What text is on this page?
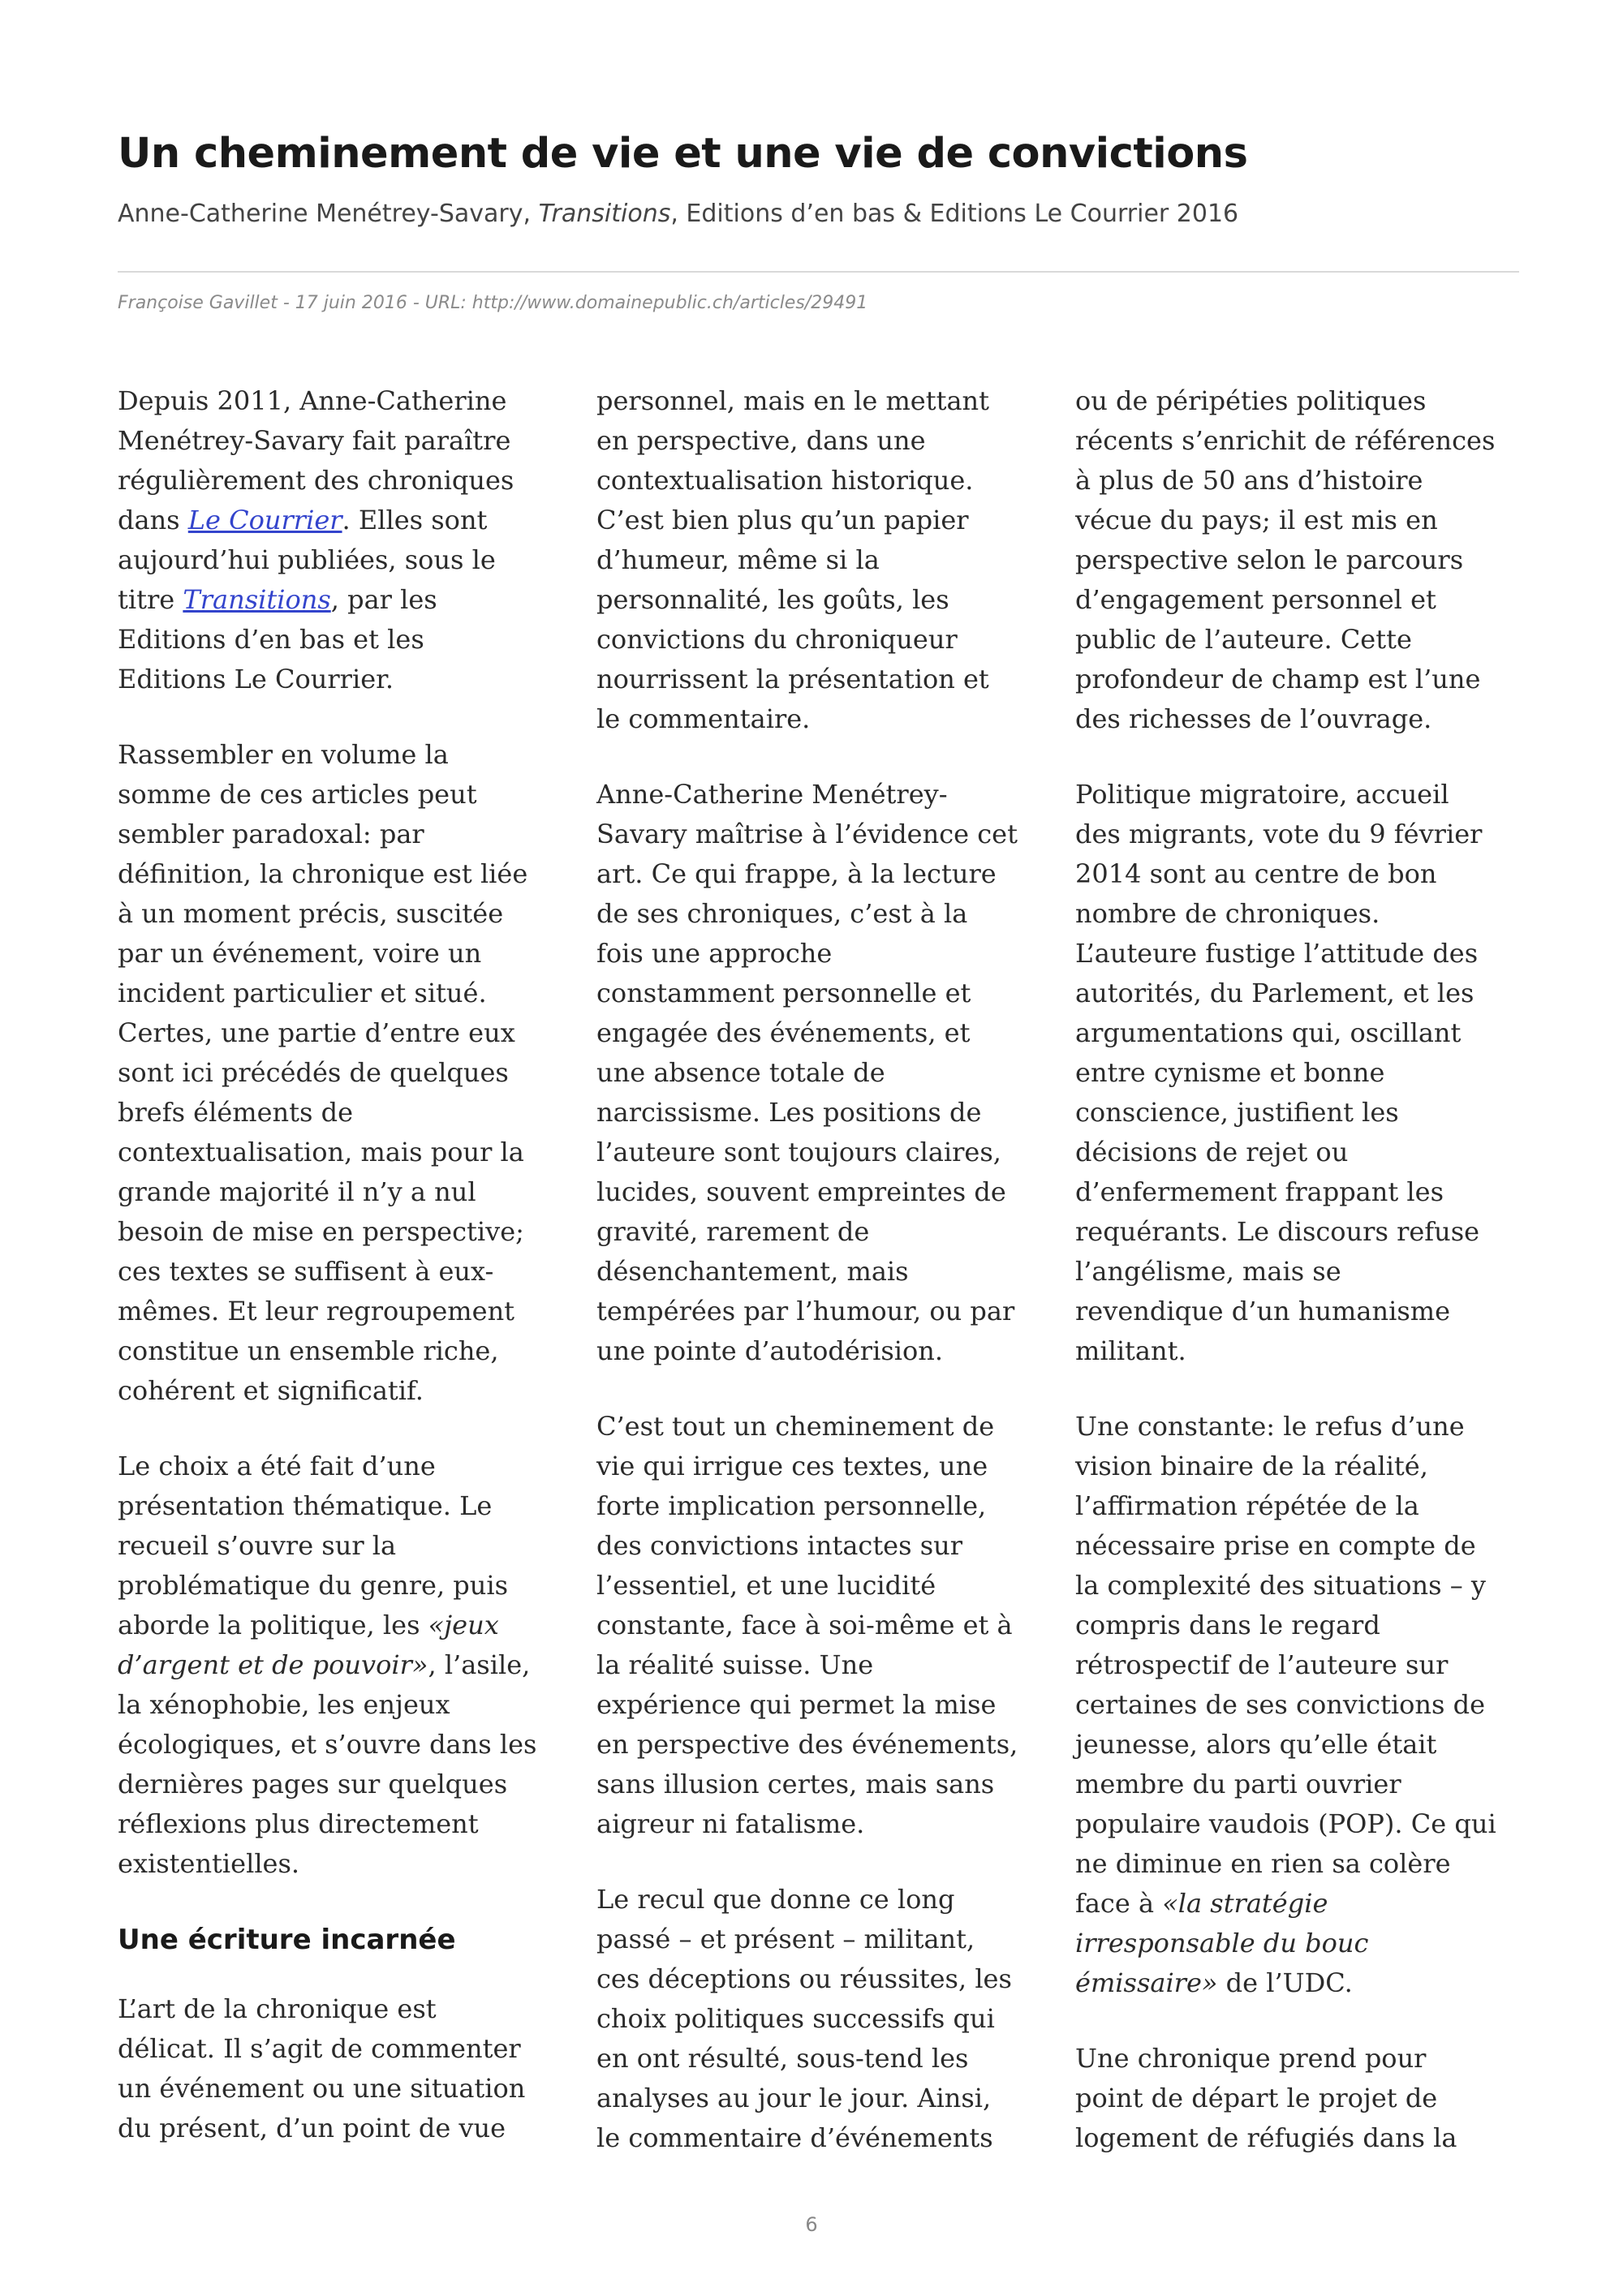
Un cheminement de vie et une vie de convictions
Anne-Catherine Menétrey-Savary, Transitions, Editions d’en bas & Editions Le Courrier 2016
Françoise Gavillet - 17 juin 2016 - URL: http://www.domainepublic.ch/articles/29491

Depuis 2011, Anne-Catherine
Menétrey-Savary fait paraître
régulièrement des chroniques
dans Le Courrier. Elles sont
aujourd’hui publiées, sous le
titre Transitions, par les
Editions d’en bas et les
Editions Le Courrier.

Rassembler en volume la
somme de ces articles peut
sembler paradoxal: par
définition, la chronique est liée
à un moment précis, suscitée
par un événement, voire un
incident particulier et situé.
Certes, une partie d’entre eux
sont ici précédés de quelques
brefs éléments de
contextualisation, mais pour la
grande majorité il n’y a nul
besoin de mise en perspective;
ces textes se suffisent à eux-
mêmes. Et leur regroupement
constitue un ensemble riche,
cohérent et significatif.

Le choix a été fait d’une
présentation thématique. Le
recueil s’ouvre sur la
problématique du genre, puis
aborde la politique, les «jeux
d’argent et de pouvoir», l’asile,
la xénophobie, les enjeux
écologiques, et s’ouvre dans les
dernières pages sur quelques
réflexions plus directement
existentielles.

Une écriture incarnée

L’art de la chronique est
délicat. Il s’agit de commenter
un événement ou une situation
du présent, d’un point de vue

personnel, mais en le mettant
en perspective, dans une
contextualisation historique.
C’est bien plus qu’un papier
d’humeur, même si la
personnalité, les goûts, les
convictions du chroniqueur
nourrissent la présentation et
le commentaire.

Anne-Catherine Menétrey-
Savary maîtrise à l’évidence cet
art. Ce qui frappe, à la lecture
de ses chroniques, c’est à la
fois une approche
constamment personnelle et
engagée des événements, et
une absence totale de
narcissisme. Les positions de
l’auteure sont toujours claires,
lucides, souvent empreintes de
gravité, rarement de
désenchantement, mais
tempérées par l’humour, ou par
une pointe d’autodérision.

C’est tout un cheminement de
vie qui irrigue ces textes, une
forte implication personnelle,
des convictions intactes sur
l’essentiel, et une lucidité
constante, face à soi-même et à
la réalité suisse. Une
expérience qui permet la mise
en perspective des événements,
sans illusion certes, mais sans
aigreur ni fatalisme.

Le recul que donne ce long
passé – et présent – militant,
ces déceptions ou réussites, les
choix politiques successifs qui
en ont résulté, sous-tend les
analyses au jour le jour. Ainsi,
le commentaire d’événements

ou de péripéties politiques
récents s’enrichit de références
à plus de 50 ans d’histoire
vécue du pays; il est mis en
perspective selon le parcours
d’engagement personnel et
public de l’auteure. Cette
profondeur de champ est l’une
des richesses de l’ouvrage.

Politique migratoire, accueil
des migrants, vote du 9 février
2014 sont au centre de bon
nombre de chroniques.
L’auteure fustige l’attitude des
autorités, du Parlement, et les
argumentations qui, oscillant
entre cynisme et bonne
conscience, justifient les
décisions de rejet ou
d’enfermement frappant les
requérants. Le discours refuse
l’angélisme, mais se
revendique d’un humanisme
militant.

Une constante: le refus d’une
vision binaire de la réalité,
l’affirmation répétée de la
nécessaire prise en compte de
la complexité des situations – y
compris dans le regard
rétrospectif de l’auteure sur
certaines de ses convictions de
jeunesse, alors qu’elle était
membre du parti ouvrier
populaire vaudois (POP). Ce qui
ne diminue en rien sa colère
face à «la stratégie
irresponsable du bouc
émissaire» de l’UDC.

Une chronique prend pour
point de départ le projet de
logement de réfugiés dans la

6
